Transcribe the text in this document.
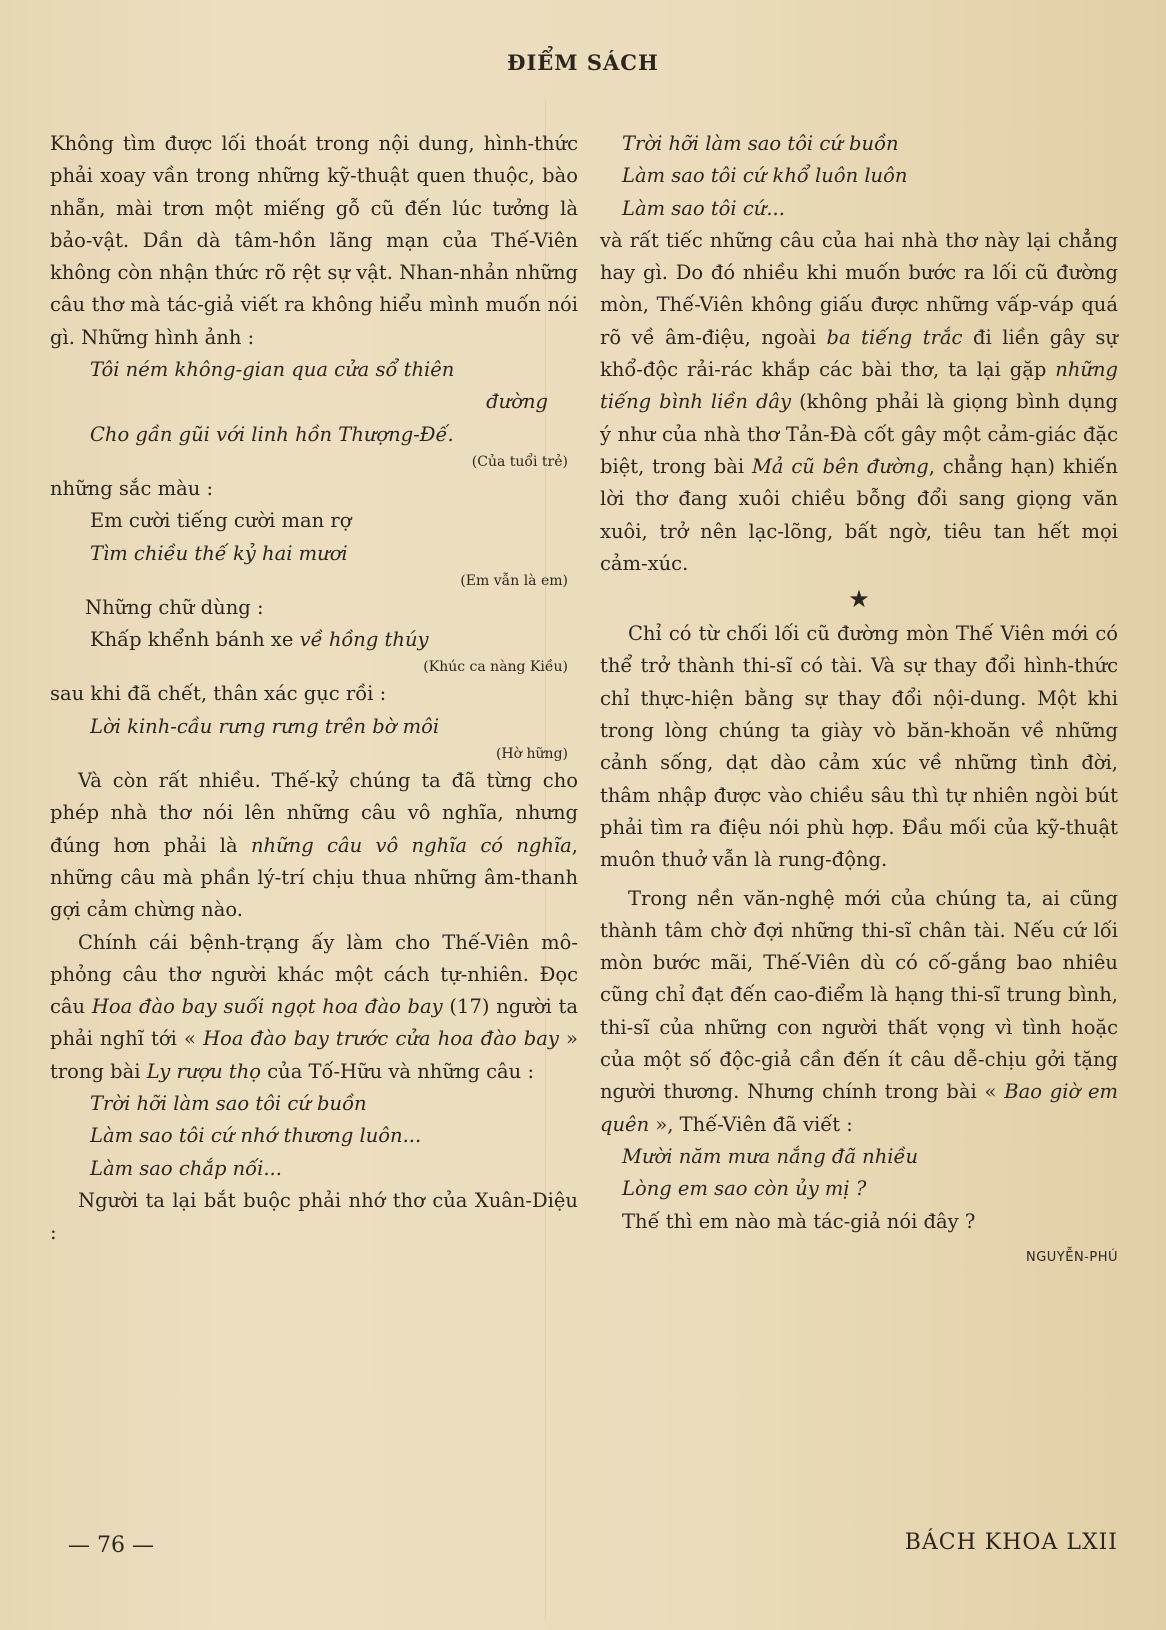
ĐIỂM SÁCH

Không tìm được lối thoát trong nội dung, hình-thức phải xoay vần trong những kỹ-thuật quen thuộc, bào nhẵn, mài trơn một miếng gỗ cũ đến lúc tưởng là bảo-vật. Dần dà tâm-hồn lãng mạn của Thế-Viên không còn nhận thức rõ rệt sự vật. Nhan-nhản những câu thơ mà tác-giả viết ra không hiểu mình muốn nói gì. Những hình ảnh :

Tôi ném không-gian qua cửa sổ thiên

đường

Cho gần gũi với linh hồn Thượng-Đế.

(Của tuổi trẻ)

những sắc màu :

Em cười tiếng cười man rợ

Tìm chiều thế kỷ hai mươi

(Em vẫn là em)

Những chữ dùng :

Khấp khểnh bánh xe về hồng thúy

(Khúc ca nàng Kiều)

sau khi đã chết, thân xác gục rồi :

Lời kinh-cầu rưng rưng trên bờ môi

(Hờ hững)

Và còn rất nhiều. Thế-kỷ chúng ta đã từng cho phép nhà thơ nói lên những câu vô nghĩa, nhưng đúng hơn phải là những câu vô nghĩa có nghĩa, những câu mà phần lý-trí chịu thua những âm-thanh gợi cảm chừng nào.

Chính cái bệnh-trạng ấy làm cho Thế-Viên mô-phỏng câu thơ người khác một cách tự-nhiên. Đọc câu Hoa đào bay suối ngọt hoa đào bay (17) người ta phải nghĩ tới « Hoa đào bay trước cửa hoa đào bay » trong bài Ly rượu thọ của Tố-Hữu và những câu :

Trời hỡi làm sao tôi cứ buồn

Làm sao tôi cứ nhớ thương luôn...

Làm sao chắp nối...

Người ta lại bắt buộc phải nhớ thơ của Xuân-Diệu :

Trời hỡi làm sao tôi cứ buồn

Làm sao tôi cứ khổ luôn luôn

Làm sao tôi cứ...

và rất tiếc những câu của hai nhà thơ này lại chẳng hay gì. Do đó nhiều khi muốn bước ra lối cũ đường mòn, Thế-Viên không giấu được những vấp-váp quá rõ về âm-điệu, ngoài ba tiếng trắc đi liền gây sự khổ-độc rải-rác khắp các bài thơ, ta lại gặp những tiếng bình liền dây (không phải là giọng bình dụng ý như của nhà thơ Tản-Đà cốt gây một cảm-giác đặc biệt, trong bài Mả cũ bên đường, chẳng hạn) khiến lời thơ đang xuôi chiều bỗng đổi sang giọng văn xuôi, trở nên lạc-lõng, bất ngờ, tiêu tan hết mọi cảm-xúc.

★

Chỉ có từ chối lối cũ đường mòn Thế Viên mới có thể trở thành thi-sĩ có tài. Và sự thay đổi hình-thức chỉ thực-hiện bằng sự thay đổi nội-dung. Một khi trong lòng chúng ta giày vò băn-khoăn về những cảnh sống, dạt dào cảm xúc về những tình đời, thâm nhập được vào chiều sâu thì tự nhiên ngòi bút phải tìm ra điệu nói phù hợp. Đầu mối của kỹ-thuật muôn thuở vẫn là rung-động.

Trong nền văn-nghệ mới của chúng ta, ai cũng thành tâm chờ đợi những thi-sĩ chân tài. Nếu cứ lối mòn bước mãi, Thế-Viên dù có cố-gắng bao nhiêu cũng chỉ đạt đến cao-điểm là hạng thi-sĩ trung bình, thi-sĩ của những con người thất vọng vì tình hoặc của một số độc-giả cần đến ít câu dễ-chịu gởi tặng người thương. Nhưng chính trong bài « Bao giờ em quên », Thế-Viên đã viết :

Mười năm mưa nắng đã nhiều

Lòng em sao còn ủy mị ?

Thế thì em nào mà tác-giả nói đây ?

NGUYỄN-PHÚ

— 76 —	BÁCH KHOA LXII
